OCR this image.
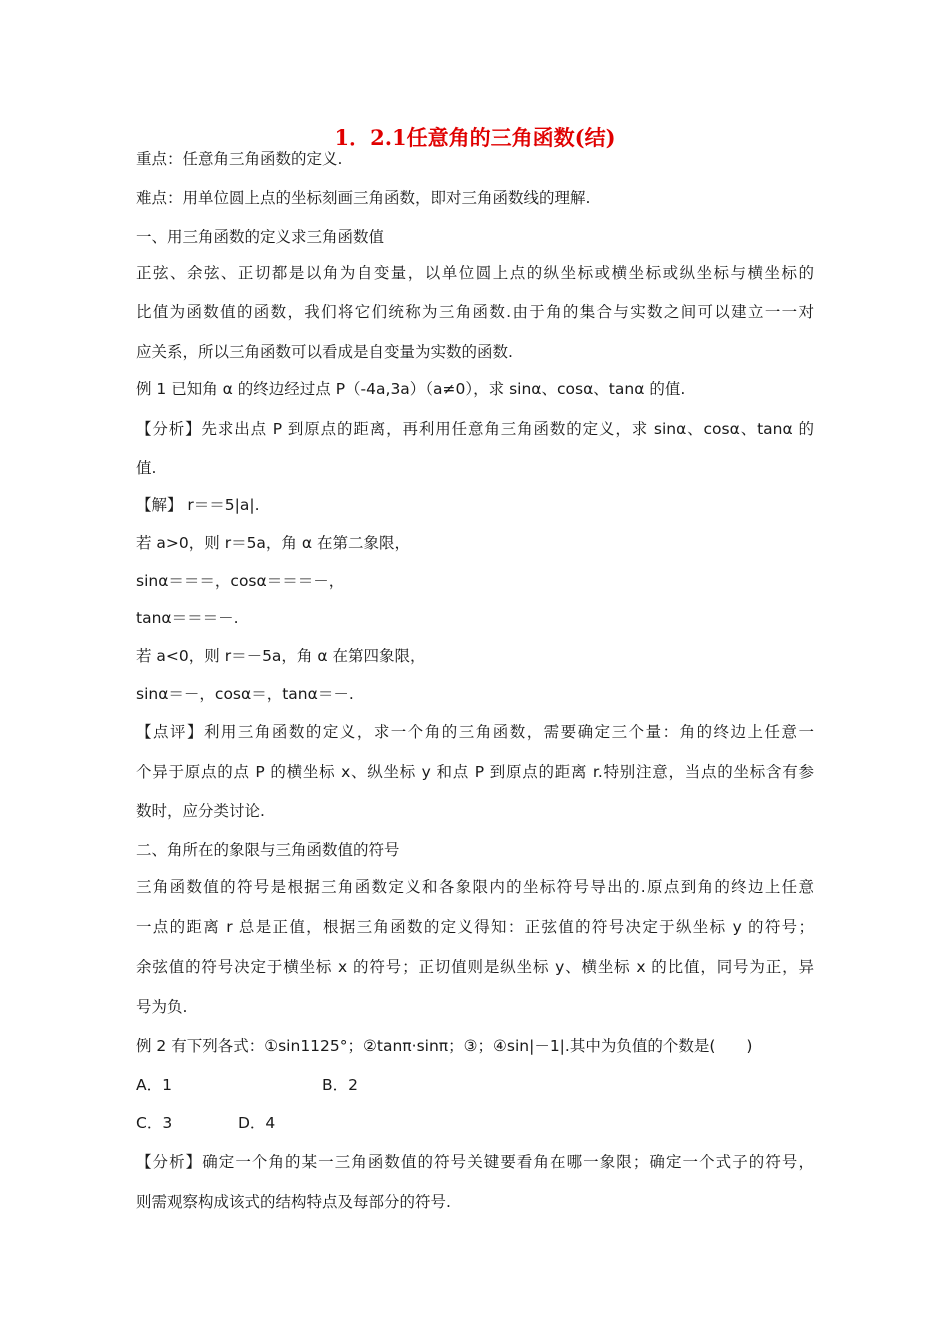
1．2.1任意角的三角函数(结)
重点：任意角三角函数的定义.
难点：用单位圆上点的坐标刻画三角函数，即对三角函数线的理解.
一、用三角函数的定义求三角函数值
正弦、余弦、正切都是以角为自变量，以单位圆上点的纵坐标或横坐标或纵坐标与横坐标的
比值为函数值的函数，我们将它们统称为三角函数.由于角的集合与实数之间可以建立一一对
应关系，所以三角函数可以看成是自变量为实数的函数.
例 1 已知角 α 的终边经过点 P（-4a,3a）（a≠0），求 sinα、cosα、tanα 的值.
【分析】先求出点 P 到原点的距离，再利用任意角三角函数的定义，求 sinα、cosα、tanα 的
值.
【解】 r＝＝5|a|.
若 a>0，则 r＝5a，角 α 在第二象限，
sinα＝＝＝，cosα＝＝＝－，
tanα＝＝＝－.
若 a<0，则 r＝－5a，角 α 在第四象限，
sinα＝－，cosα＝，tanα＝－.
【点评】利用三角函数的定义，求一个角的三角函数，需要确定三个量：角的终边上任意一
个异于原点的点 P 的横坐标 x、纵坐标 y 和点 P 到原点的距离 r.特别注意，当点的坐标含有参
数时，应分类讨论.
二、角所在的象限与三角函数值的符号
三角函数值的符号是根据三角函数定义和各象限内的坐标符号导出的.原点到角的终边上任意
一点的距离 r 总是正值，根据三角函数的定义得知：正弦值的符号决定于纵坐标 y 的符号；
余弦值的符号决定于横坐标 x 的符号；正切值则是纵坐标 y、横坐标 x 的比值，同号为正，异
号为负.
例 2 有下列各式：①sin1125°；②tanπ·sinπ；③；④sin|－1|.其中为负值的个数是(　　)
A．1	B．2
C．3	D．4
【分析】确定一个角的某一三角函数值的符号关键要看角在哪一象限；确定一个式子的符号，
则需观察构成该式的结构特点及每部分的符号.
